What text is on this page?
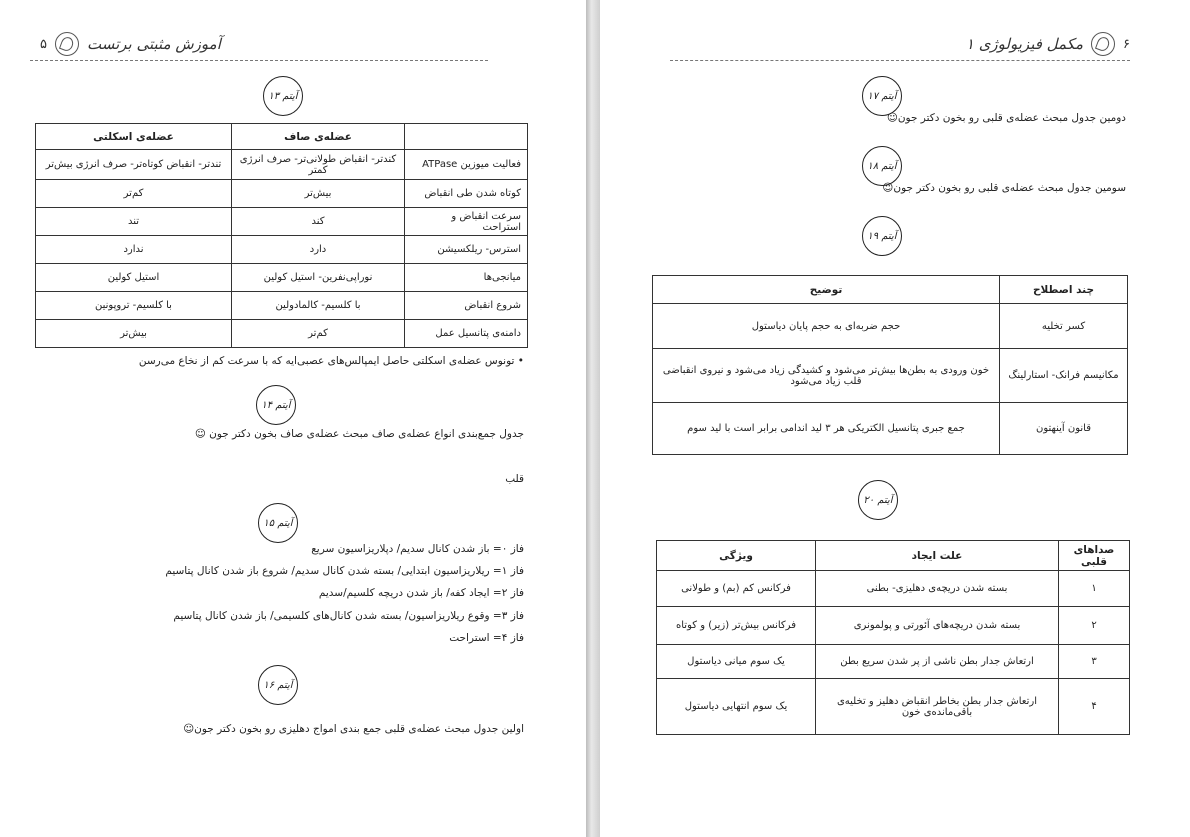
آموزش مثبتی برتست
۵
آیتم ۱۳
	عضله‌ی صاف	عضله‌ی اسکلتی
فعالیت میوزین ATPase	کندتر- انقباض طولانی‌تر- صرف انرژی کمتر	تندتر- انقباض کوتاه‌تر- صرف انرژی بیش‌تر
کوتاه شدن طی انقباض	بیش‌تر	کم‌تر
سرعت انقباض و استراحت	کند	تند
استرس- ریلکسیشن	دارد	ندارد
میانجی‌ها	نوراپی‌نفرین- استیل کولین	استیل کولین
شروع انقباض	با کلسیم- کالمادولین	با کلسیم- تروپونین
دامنه‌ی پتانسیل عمل	کم‌تر	بیش‌تر
• تونوس عضله‌ی اسکلتی حاصل ایمپالس‌های عصبی‌ایه که با سرعت کم از نخاع می‌رسن
آیتم ۱۴
جدول جمع‌بندی انواع عضله‌ی صاف مبحث عضله‌ی صاف بخون دکتر جون ☺
قلب
آیتم ۱۵
فاز ۰= باز شدن کانال سدیم/ دپلاریزاسیون سریع
فاز ۱= ریلاریزاسیون ابتدایی/ بسته شدن کانال سدیم/ شروع باز شدن کانال پتاسیم
فاز ۲= ایجاد کفه/ باز شدن دریچه کلسیم/سدیم
فاز ۳= وقوع ریلاریزاسیون/ بسته شدن کانال‌های کلسیمی/ باز شدن کانال پتاسیم
فاز ۴= استراحت
آیتم ۱۶
اولین جدول مبحث عضله‌ی قلبی جمع بندی امواج دهلیزی رو بخون دکتر جون☺
۶
مکمل فیزیولوژی ۱
آیتم ۱۷
دومین جدول مبحث عضله‌ی قلبی رو بخون دکتر جون☺
آیتم ۱۸
سومین جدول مبحث عضله‌ی قلبی رو بخون دکتر جون☺
آیتم ۱۹
چند اصطلاح	توضیح
کسر تخلیه	حجم ضربه‌ای به حجم پایان دیاستول
مکانیسم فرانک- استارلینگ	خون ورودی به بطن‌ها بیش‌تر می‌شود و کشیدگی زیاد می‌شود و نیروی انقباضی قلب زیاد می‌شود
قانون آینهتون	جمع جبری پتانسیل الکتریکی هر ۳ لید اندامی برابر است با لید سوم
آیتم ۲۰
صداهای قلبی	علت ایجاد	ویژگی
۱	بسته شدن دریچه‌ی دهلیزی- بطنی	فرکانس کم (بم) و طولانی
۲	بسته شدن دریچه‌های آئورتی و پولمونری	فرکانس بیش‌تر (زیر) و کوتاه
۳	ارتعاش جدار بطن ناشی از پر شدن سریع بطن	یک سوم میانی دیاستول
۴	ارتعاش جدار بطن بخاطر انقباض دهلیز و تخلیه‌ی باقی‌مانده‌ی خون	یک سوم انتهایی دیاستول
